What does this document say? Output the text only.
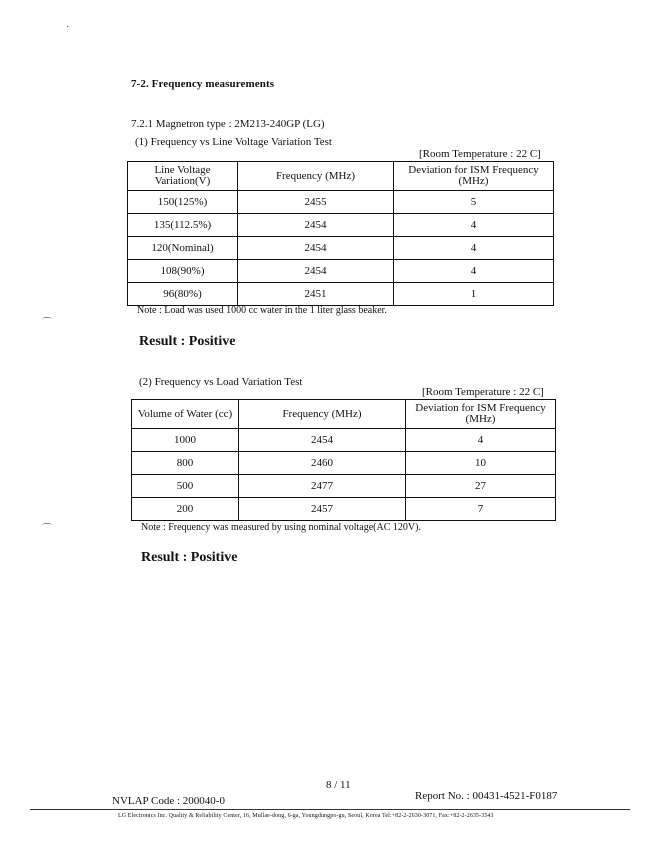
·
⌒
⌒
7-2. Frequency measurements
7.2.1 Magnetron type : 2M213-240GP (LG)
(1) Frequency vs Line Voltage Variation Test
[Room Temperature : 22 C]
Line Voltage Variation(V)	Frequency (MHz)	Deviation for ISM Frequency (MHz)
150(125%)	2455	5
135(112.5%)	2454	4
120(Nominal)	2454	4
108(90%)	2454	4
96(80%)	2451	1
Note : Load was used 1000 cc water in the 1 liter glass beaker.
Result : Positive
(2) Frequency vs Load Variation Test
[Room Temperature : 22 C]
Volume of Water (cc)	Frequency (MHz)	Deviation for ISM Frequency (MHz)
1000	2454	4
800	2460	10
500	2477	27
200	2457	7
Note : Frequency was measured by using nominal voltage(AC 120V).
Result : Positive
8 / 11
NVLAP Code : 200040-0	Report No. : 00431-4521-F0187
LG Electronics Inc. Quality & Reliability Center, 16, Mullae-dong, 6-ga, Youngdungpo-gu, Seoul, Korea Tel:+82-2-2630-3071, Fax:+82-2-2635-3543
